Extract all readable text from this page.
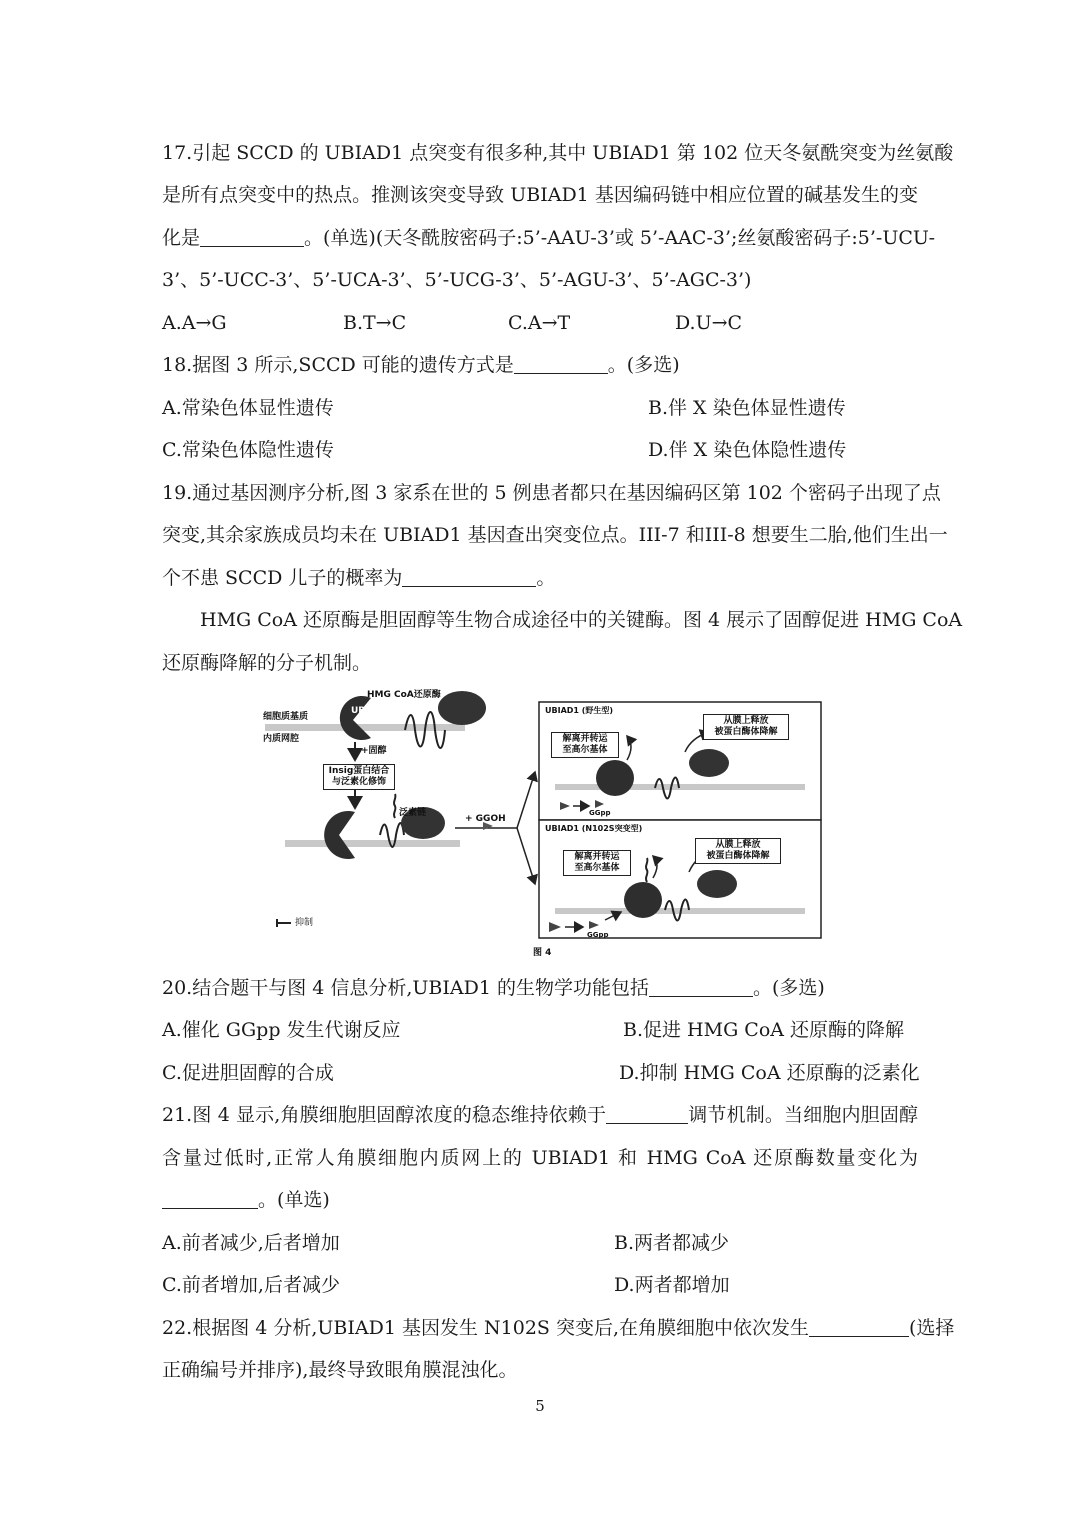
17.引起 SCCD 的 UBIAD1 点突变有很多种,其中 UBIAD1 第 102 位天冬氨酰突变为丝氨酸
是所有点突变中的热点。推测该突变导致 UBIAD1 基因编码链中相应位置的碱基发生的变
化是	。(单选)(天冬酰胺密码子:5’-AAU-3’或 5’-AAC-3’;丝氨酸密码子:5’-UCU-
3’、5’-UCC-3’、5’-UCA-3’、5’-UCG-3’、5’-AGU-3’、5’-AGC-3’)
A.A→G	B.T→C	C.A→T	D.U→C
18.据图 3 所示,SCCD 可能的遗传方式是	。(多选)
A.常染色体显性遗传	B.伴 X 染色体显性遗传
C.常染色体隐性遗传	D.伴 X 染色体隐性遗传
19.通过基因测序分析,图 3 家系在世的 5 例患者都只在基因编码区第 102 个密码子出现了点
突变,其余家族成员均未在 UBIAD1 基因查出突变位点。III-7 和III-8 想要生二胎,他们生出一
个不患 SCCD 儿子的概率为	。
HMG CoA 还原酶是胆固醇等生物合成途径中的关键酶。图 4 展示了固醇促进 HMG CoA
还原酶降解的分子机制。
HMG CoA还原酶
UBIAD1
细胞质基质
内质网腔
+固醇
Insig蛋白结合
与泛素化修饰
泛素链
+ GGOH
抑制
UBIAD1 (野生型)
从膜上释放
被蛋白酶体降解
解离并转运
至高尔基体
GGpp
UBIAD1 (N102S突变型)
从膜上释放
被蛋白酶体降解
解离并转运
至高尔基体
GGpp
图 4
20.结合题干与图 4 信息分析,UBIAD1 的生物学功能包括	。(多选)
A.催化 GGpp 发生代谢反应	B.促进 HMG CoA 还原酶的降解
C.促进胆固醇的合成	D.抑制 HMG CoA 还原酶的泛素化
21.图 4 显示,角膜细胞胆固醇浓度的稳态维持依赖于	调节机制。当细胞内胆固醇
含量过低时,正常人角膜细胞内质网上的 UBIAD1 和 HMG CoA 还原酶数量变化为
。(单选)
A.前者减少,后者增加	B.两者都减少
C.前者增加,后者减少	D.两者都增加
22.根据图 4 分析,UBIAD1 基因发生 N102S 突变后,在角膜细胞中依次发生	(选择
正确编号并排序),最终导致眼角膜混浊化。
5
